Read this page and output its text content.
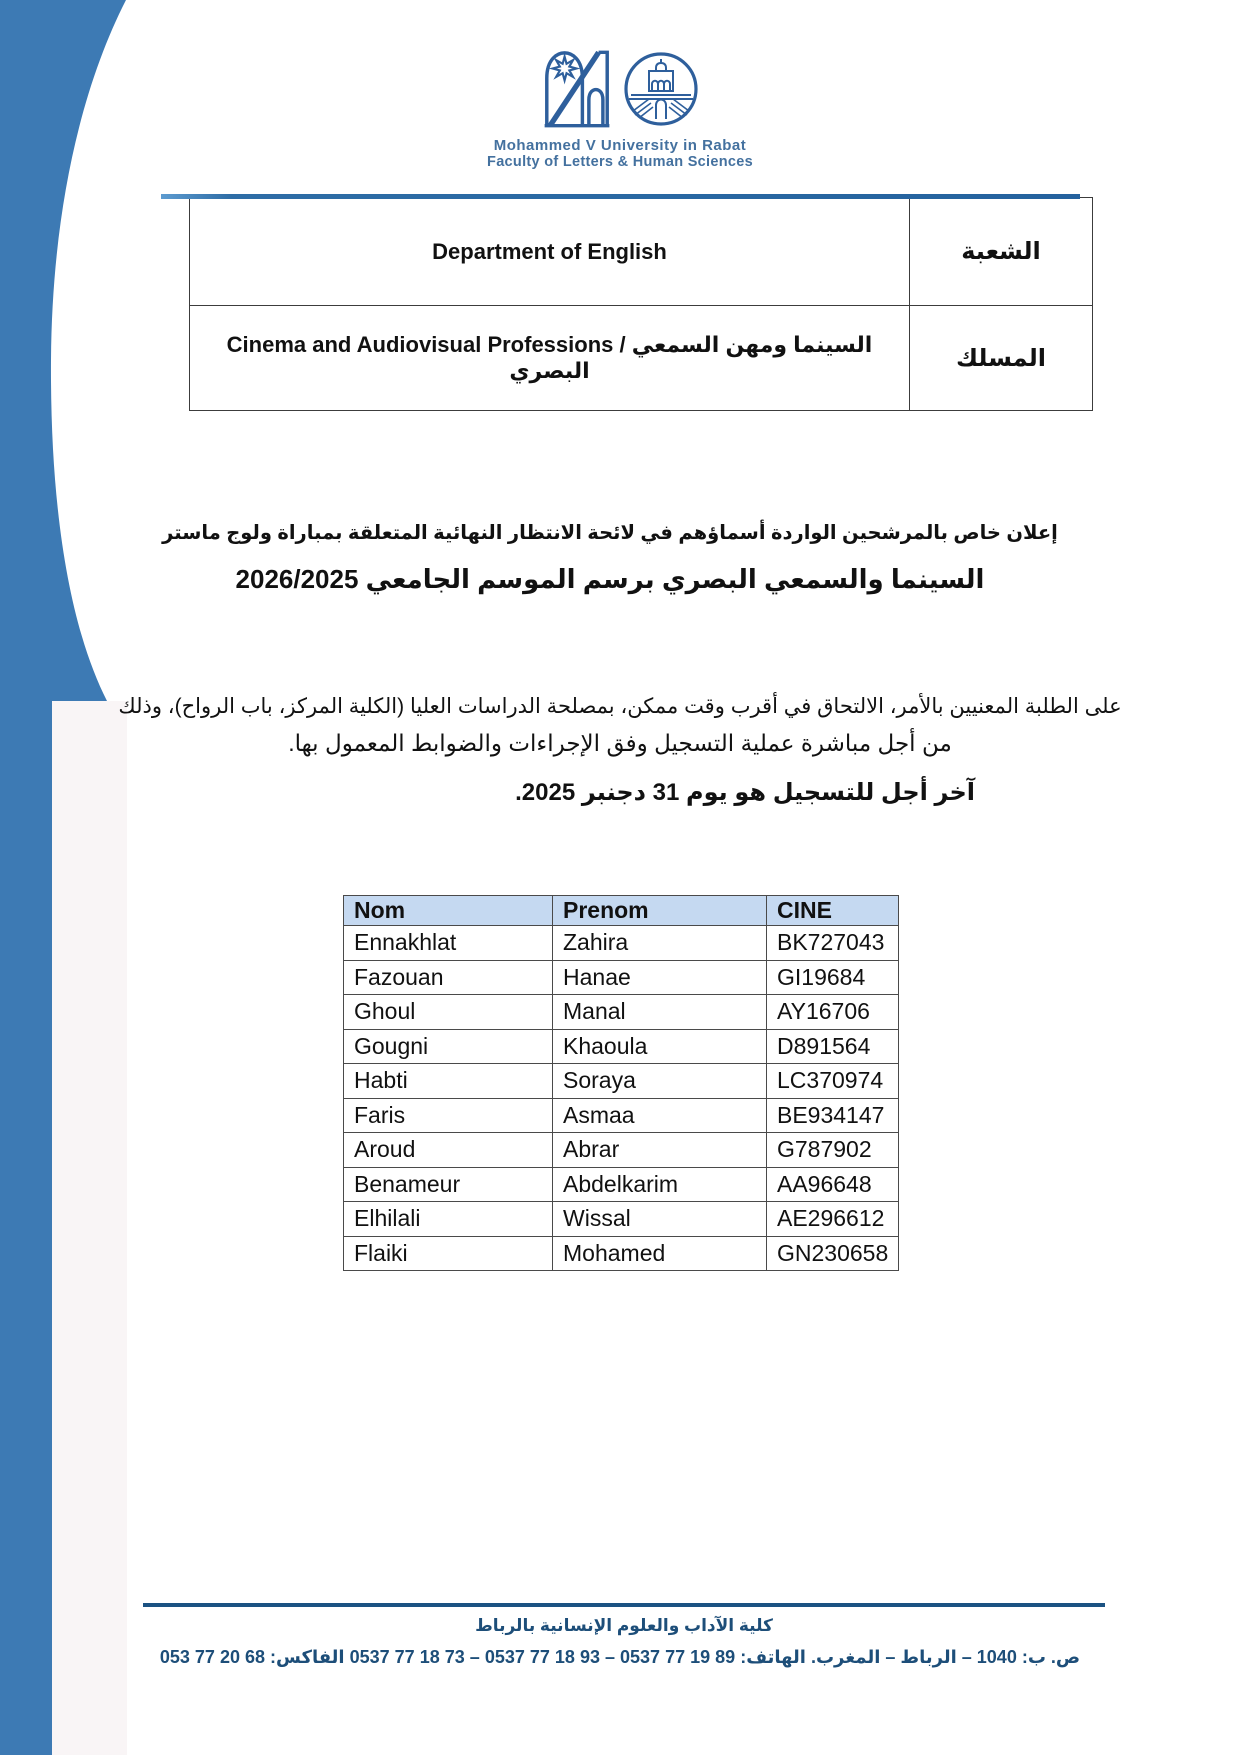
Mohammed V University in Rabat
Faculty of Letters & Human Sciences
Department of English	الشعبة
Cinema and Audiovisual Professions / السينما ومهن السمعي البصري	المسلك
إعلان خاص بالمرشحين الواردة أسماؤهم في لائحة الانتظار النهائية المتعلقة بمباراة ولوج ماستر
السينما والسمعي البصري برسم الموسم الجامعي 2026/2025
على الطلبة المعنيين بالأمر، الالتحاق في أقرب وقت ممكن، بمصلحة الدراسات العليا (الكلية المركز، باب الرواح)، وذلك
من أجل مباشرة عملية التسجيل وفق الإجراءات والضوابط المعمول بها.
آخر أجل للتسجيل هو يوم 31 دجنبر 2025.
Nom	Prenom	CINE
Ennakhlat	Zahira	BK727043
Fazouan	Hanae	GI19684
Ghoul	Manal	AY16706
Gougni	Khaoula	D891564
Habti	Soraya	LC370974
Faris	Asmaa	BE934147
Aroud	Abrar	G787902
Benameur	Abdelkarim	AA96648
Elhilali	Wissal	AE296612
Flaiki	Mohamed	GN230658
كلية الآداب والعلوم الإنسانية بالرباط
ص. ب: 1040 – الرباط – المغرب. الهاتف: 89 19 77 0537 – 93 18 77 0537 – 73 18 77 0537 الفاكس: 68 20 77 053
